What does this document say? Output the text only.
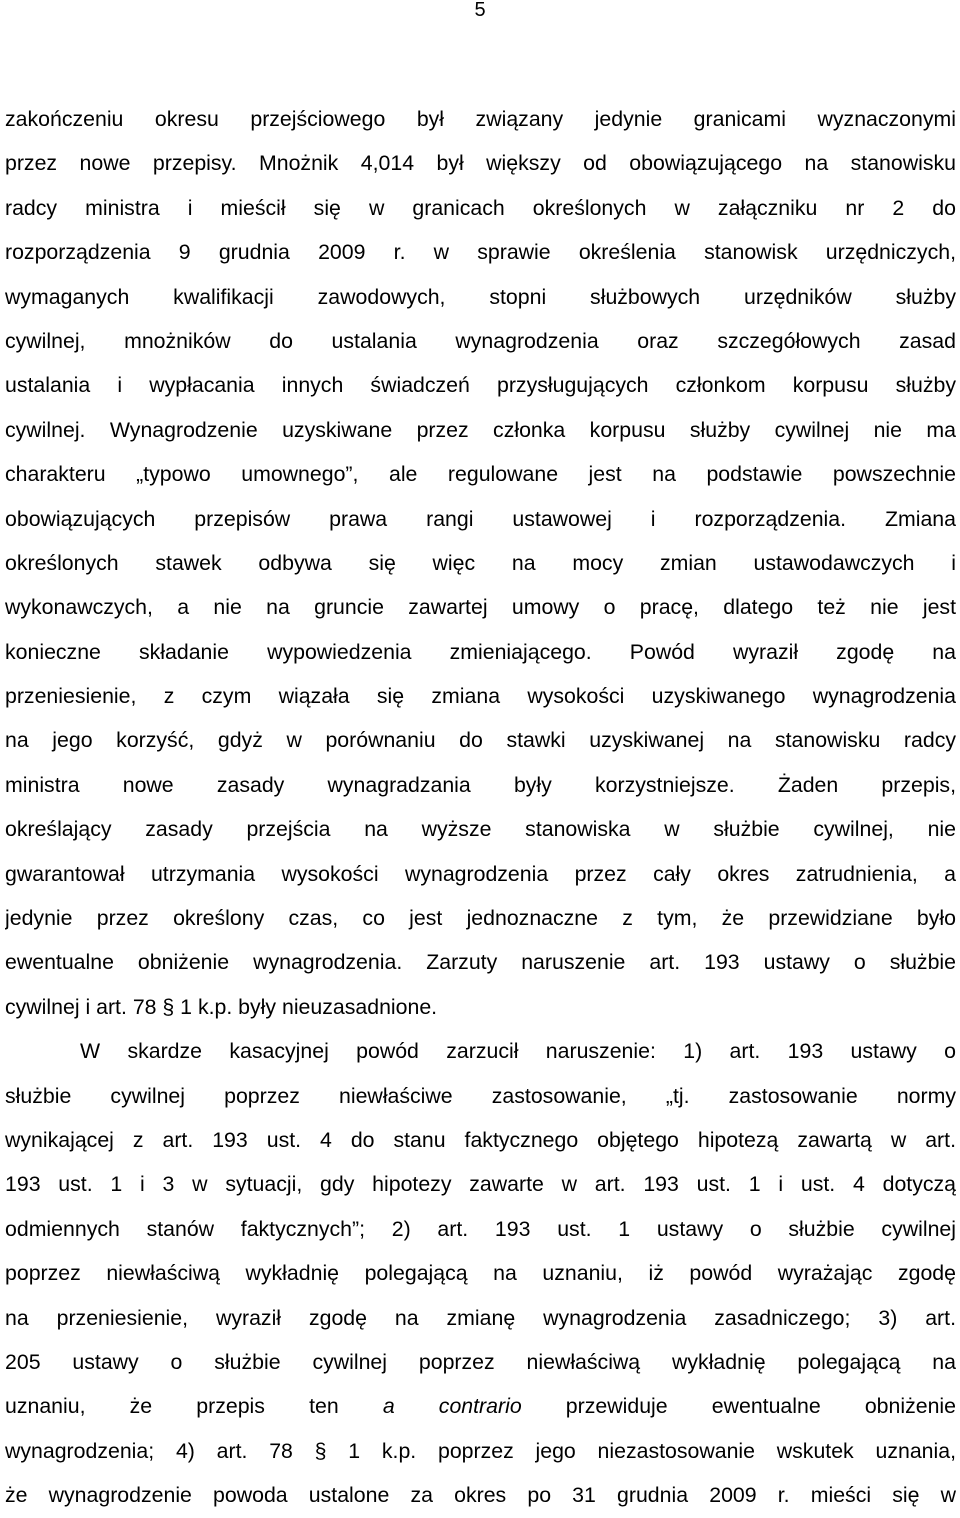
5
zakończeniu okresu przejściowego był związany jedynie granicami wyznaczonymi
przez nowe przepisy. Mnożnik 4,014 był większy od obowiązującego na stanowisku
radcy ministra i mieścił się w granicach określonych w załączniku nr 2 do
rozporządzenia 9 grudnia 2009 r. w sprawie określenia stanowisk urzędniczych,
wymaganych kwalifikacji zawodowych, stopni służbowych urzędników służby
cywilnej, mnożników do ustalania wynagrodzenia oraz szczegółowych zasad
ustalania i wypłacania innych świadczeń przysługujących członkom korpusu służby
cywilnej. Wynagrodzenie uzyskiwane przez członka korpusu służby cywilnej nie ma
charakteru „typowo umownego”, ale regulowane jest na podstawie powszechnie
obowiązujących przepisów prawa rangi ustawowej i rozporządzenia. Zmiana
określonych stawek odbywa się więc na mocy zmian ustawodawczych i
wykonawczych, a nie na gruncie zawartej umowy o pracę, dlatego też nie jest
konieczne składanie wypowiedzenia zmieniającego. Powód wyraził zgodę na
przeniesienie, z czym wiązała się zmiana wysokości uzyskiwanego wynagrodzenia
na jego korzyść, gdyż w porównaniu do stawki uzyskiwanej na stanowisku radcy
ministra nowe zasady wynagradzania były korzystniejsze. Żaden przepis,
określający zasady przejścia na wyższe stanowiska w służbie cywilnej, nie
gwarantował utrzymania wysokości wynagrodzenia przez cały okres zatrudnienia, a
jedynie przez określony czas, co jest jednoznaczne z tym, że przewidziane było
ewentualne obniżenie wynagrodzenia. Zarzuty naruszenie art. 193 ustawy o służbie
cywilnej i art. 78 § 1 k.p. były nieuzasadnione.
W skardze kasacyjnej powód zarzucił naruszenie: 1) art. 193 ustawy o
służbie cywilnej poprzez niewłaściwe zastosowanie, „tj. zastosowanie normy
wynikającej z art. 193 ust. 4 do stanu faktycznego objętego hipotezą zawartą w art.
193 ust. 1 i 3 w sytuacji, gdy hipotezy zawarte w art. 193 ust. 1 i ust. 4 dotyczą
odmiennych stanów faktycznych”; 2) art. 193 ust. 1 ustawy o służbie cywilnej
poprzez niewłaściwą wykładnię polegającą na uznaniu, iż powód wyrażając zgodę
na przeniesienie, wyraził zgodę na zmianę wynagrodzenia zasadniczego; 3) art.
205 ustawy o służbie cywilnej poprzez niewłaściwą wykładnię polegającą na
uznaniu, że przepis ten a contrario przewiduje ewentualne obniżenie
wynagrodzenia; 4) art. 78 § 1 k.p. poprzez jego niezastosowanie wskutek uznania,
że wynagrodzenie powoda ustalone za okres po 31 grudnia 2009 r. mieści się w
